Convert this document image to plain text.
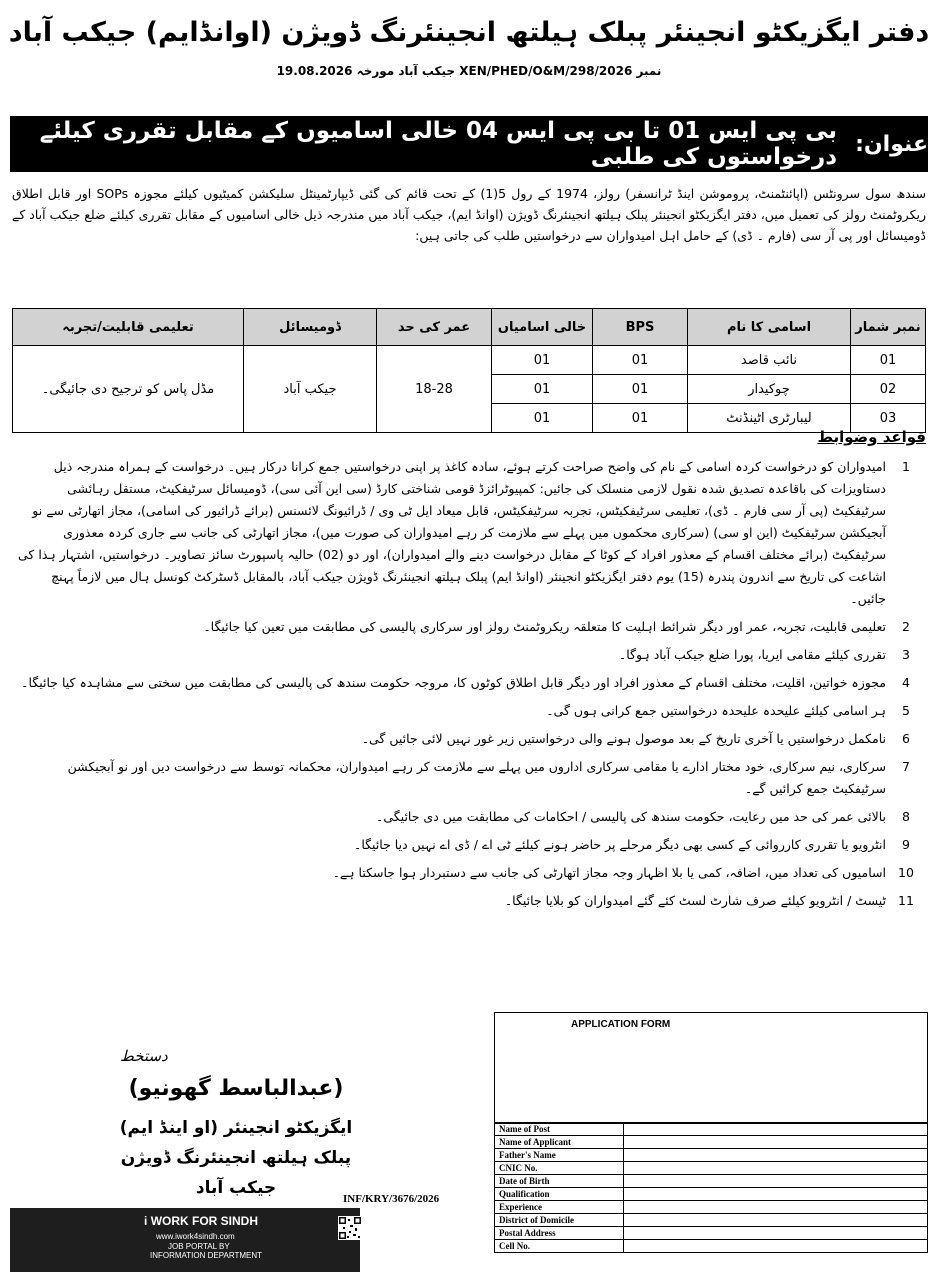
دفتر ایگزیکٹو انجینئر پبلک ہیلتھ انجینئرنگ ڈویژن (اوانڈایم) جیکب آباد
نمبر XEN/PHED/O&M/298/2026 جیکب آباد مورخہ 19.08.2026
عنوان:
بی پی ایس 01 تا بی پی ایس 04 خالی اسامیوں کے مقابل تقرری کیلئے درخواستوں کی طلبی
سندھ سول سرونٹس (اپائنٹمنٹ، پروموشن اینڈ ٹرانسفر) رولز، 1974 کے رول 5(1) کے تحت قائم کی گئی ڈیپارٹمینٹل سلیکشن کمیٹیوں کیلئے مجوزہ SOPs اور قابل اطلاق ریکروٹمنٹ رولز کی تعمیل میں، دفتر ایگزیکٹو انجینئر پبلک ہیلتھ انجینئرنگ ڈویژن (اوانڈ ایم)، جیکب آباد میں مندرجہ ذیل خالی اسامیوں کے مقابل تقرری کیلئے ضلع جیکب آباد کے ڈومیسائل اور پی آر سی (فارم ۔ ڈی) کے حامل اہل امیدواران سے درخواستیں طلب کی جاتی ہیں:
نمبر شمار	اسامی کا نام	BPS	خالی اسامیاں	عمر کی حد	ڈومیسائل	تعلیمی قابلیت/تجربہ
01	نائب قاصد	01	01	18-28	جیکب آباد	مڈل پاس کو ترجیح دی جائیگی۔
02	چوکیدار	01	01			
03	لیبارٹری اٹینڈنٹ	01	01			
قواعد وضوابط
1
امیدواران کو درخواست کردہ اسامی کے نام کی واضح صراحت کرتے ہوئے، سادہ کاغذ پر اپنی درخواستیں جمع کرانا درکار ہیں۔ درخواست کے ہمراہ مندرجہ ذیل دستاویزات کی باقاعدہ تصدیق شدہ نقول لازمی منسلک کی جائیں: کمپیوٹرائزڈ قومی شناختی کارڈ (سی این آئی سی)، ڈومیسائل سرٹیفکیٹ، مستقل رہائشی سرٹیفکیٹ (پی آر سی فارم ۔ ڈی)، تعلیمی سرٹیفکیٹس، تجربہ سرٹیفکیٹس، قابل میعاد ایل ٹی وی / ڈرائیونگ لائسنس (برائے ڈرائیور کی اسامی)، مجاز اتھارٹی سے نو آبجیکشن سرٹیفکیٹ (این او سی) (سرکاری محکموں میں پہلے سے ملازمت کر رہے امیدواران کی صورت میں)، مجاز اتھارٹی کی جانب سے جاری کردہ معذوری سرٹیفکیٹ (برائے مختلف اقسام کے معذور افراد کے کوٹا کے مقابل درخواست دینے والے امیدواران)، اور دو (02) حالیہ پاسپورٹ سائز تصاویر۔ درخواستیں، اشتہار ہذا کی اشاعت کی تاریخ سے اندرون پندرہ (15) یوم دفتر ایگزیکٹو انجینئر (اوانڈ ایم) پبلک ہیلتھ انجینئرنگ ڈویژن جیکب آباد، بالمقابل ڈسٹرکٹ کونسل ہال میں لازماً پہنچ جائیں۔
2
تعلیمی قابلیت، تجربہ، عمر اور دیگر شرائط اہلیت کا متعلقہ ریکروٹمنٹ رولز اور سرکاری پالیسی کی مطابقت میں تعین کیا جائیگا۔
3
تقرری کیلئے مقامی ایریا، پورا ضلع جیکب آباد ہوگا۔
4
مجوزہ خواتین، اقلیت، مختلف اقسام کے معذور افراد اور دیگر قابل اطلاق کوٹوں کا، مروجہ حکومت سندھ کی پالیسی کی مطابقت میں سختی سے مشاہدہ کیا جائیگا۔
5
ہر اسامی کیلئے علیحدہ علیحدہ درخواستیں جمع کرانی ہوں گی۔
6
نامکمل درخواستیں یا آخری تاریخ کے بعد موصول ہونے والی درخواستیں زیر غور نہیں لائی جائیں گی۔
7
سرکاری، نیم سرکاری، خود مختار ادارے یا مقامی سرکاری اداروں میں پہلے سے ملازمت کر رہے امیدواران، محکمانہ توسط سے درخواست دیں اور نو آبجیکشن سرٹیفکیٹ جمع کرائیں گے۔
8
بالائی عمر کی حد میں رعایت، حکومت سندھ کی پالیسی / احکامات کی مطابقت میں دی جائیگی۔
9
انٹرویو یا تقرری کارروائی کے کسی بھی دیگر مرحلے پر حاضر ہونے کیلئے ٹی اے / ڈی اے نہیں دیا جائیگا۔
10
اسامیوں کی تعداد میں، اضافہ، کمی یا بلا اظہار وجہ مجاز اتھارٹی کی جانب سے دستبردار ہوا جاسکتا ہے۔
11
ٹیسٹ / انٹرویو کیلئے صرف شارٹ لسٹ کئے گئے امیدواران کو بلایا جائیگا۔
دستخط
(عبدالباسط گھونیو)
ایگزیکٹو انجینئر (او اینڈ ایم)
پبلک ہیلتھ انجینئرنگ ڈویژن
جیکب آباد
APPLICATION FORM
Name of Post	
Name of Applicant	
Father's Name	
CNIC No.	
Date of Birth	
Qualification	
Experience	
District of Domicile	
Postal Address	
Cell No.	
INF/KRY/3676/2026
i WORK FOR SINDH
www.iwork4sindh.com
JOB PORTAL BY
INFORMATION DEPARTMENT
